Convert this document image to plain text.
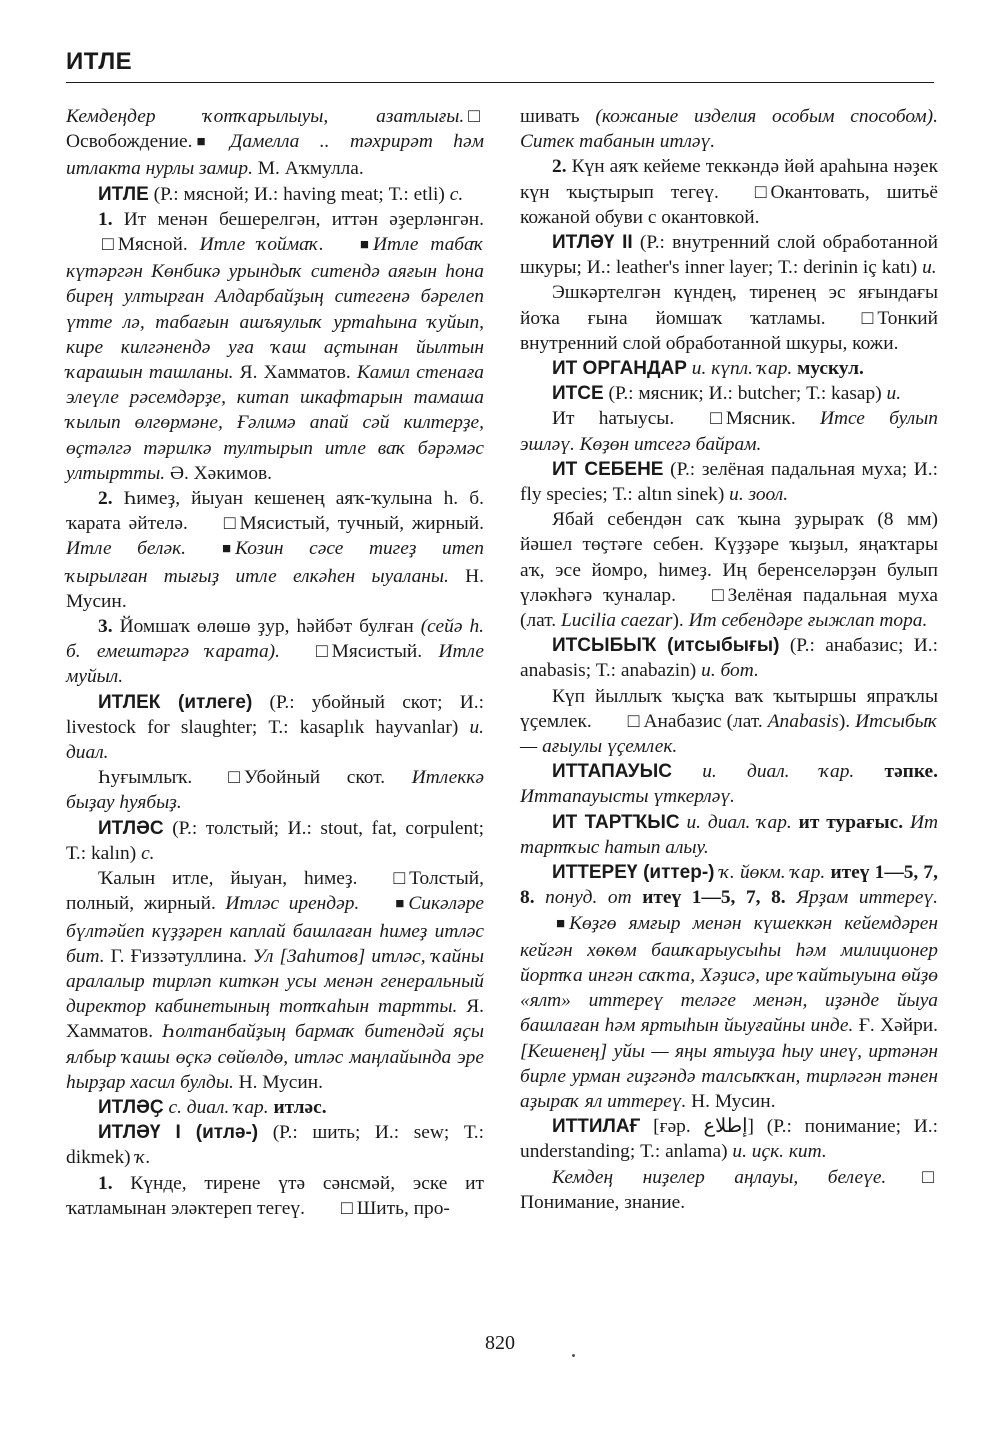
ИТЛЕ

Кемдеңдер ҡотҡарылыуы, азатлығы.□ Освобождение.■ Дамелла .. тәхрирәт һәм итлакта нурлы замир. М. Аҡмулла.

ИТЛЕ (Р.: мясной; И.: having meat; Т.: etli) с.

1. Ит менән бешерелгән, иттән әҙерләнгән.□Мясной. Итле ҡоймаҡ. ■	Итле табаҡ күтәргән Көнбикә урындыҡ ситендә аяғын һона бирең ултырған Алдарбайҙың ситегенә бәрелеп үтте лә, табағын ашъяулыҡ уртаһына ҡуйып, кире килгәнендә уға ҡаш аҫтынан йылтын ҡарашын ташланы. Я. Хамматов. Камил стенаға элеүле рәсемдәрҙе, китап шкафтарын тамаша ҡылып өлгөрмәне, Ғәлимә апай сәй килтерҙе, өҫтәлгә тәрилкә тултырып итле ваҡ бәрәмәс ултыртты. Ә. Хәкимов.

2. Һимеҙ, йыуан кешенең аяҡ-ҡулына һ. б. ҡарата әйтелә. □	Мясистый, тучный, жирный. Итле беләк. ■	Козин сәсе тигеҙ итеп ҡырылған тығыҙ итле елкәһен ыуаланы. Н. Мусин.

3. Йомшаҡ өлөшө ҙур, һәйбәт булған (сейә һ. б. емештәргә ҡарата). □	Мясистый. Итле муйыл.

ИТЛЕК (итлеге) (Р.: убойный скот; И.: livestock for slaughter; Т.: kasaplık hayvanlar) и. диал.

Һуғымлыҡ. □	Убойный скот. Итлеккә быҙау һуябыҙ.

ИТЛӘС (Р.: толстый; И.: stout, fat, corpulent; Т.: kalın) с.

Ҡалын итле, йыуан, һимеҙ. □	Толстый, полный, жирный. Итләс ирендәр. ■	Сикәләре бүлтәйеп күҙҙәрен каплай башлаған һимеҙ итләс бит. Г. Ғиззәтуллина. Ул [Заһитов] итләс, ҡайны аралалыр тирләп киткән усы менән генеральный директор кабинетының тотҡаһын тартты. Я. Хамматов. Һолтанбайҙың бармаҡ битендәй яҫы ялбыр ҡашы өҫкә сөйөлдө, итләс маңлайында эре һырҙар хасил булды. Н. Мусин.

ИТЛӘҪ с. диал. ҡар. итләс.

ИТЛӘҮ I (итлә-) (Р.: шить; И.: sew; Т.: dikmek) ҡ.

1. Күнде, тирене үтә сәнсмәй, эске ит ҡатламынан эләктереп тегеү. □	Шить, про-

шивать (кожаные изделия особым способом). Ситек табанын итләү.

2. Күн аяҡ кейеме теккәндә йөй араһына нәҙек күн ҡыҫтырып тегеү. □	Окантовать, шитьё кожаной обуви с окантовкой.

ИТЛӘҮ II (Р.: внутренний слой обработанной шкуры; И.: leather's inner layer; Т.: derinin iç katı) и.

Эшкәртелгән күндең, тиренең эс яғындағы йоҡа ғына йомшаҡ ҡатламы. □	Тонкий внутренний слой обработанной шкуры, кожи.

ИТ ОРГАНДАР и. күпл. ҡар. мускул.

ИТСЕ (Р.: мясник; И.: butcher; Т.: kasap) и.

Ит һатыусы. □	Мясник. Итсе булып эшләү. Көҙөн итсегә байрам.

ИТ СЕБЕНЕ (Р.: зелёная падальная муха; И.: fly species; Т.: altın sinek) и. зоол.

Ябай себендән саҡ ҡына ҙурыраҡ (8 мм) йәшел төҫтәге себен. Күҙҙәре ҡыҙыл, яңаҡтары аҡ, эсе йомро, һимеҙ. Иң беренселәрҙән булып үләкһәгә ҡуналар. □	Зелёная падальная муха (лат. Lucilia caezar). Ит себендәре ғыжлап тора.

ИТСЫБЫҠ (итсыбығы) (Р.: анабазис; И.: anabasis; Т.: anabazin) и. бот.

Күп йыллыҡ ҡыҫҡа ваҡ ҡытыршы япраҡлы үҫемлек. □	Анабазис (лат. Anabasis). Итсыбыҡ — ағыулы үҫемлек.

ИТТАПАУЫС и. диал. ҡар. тәпке. Иттапауысты үткерләү.

ИТ ТАРТҠЫС и. диал. ҡар. ит турағыс. Ит тартҡыс һатып алыу.

ИТТЕРЕҮ (иттер-) ҡ. йөкм. ҡар. итеү 1—5, 7, 8. понуд. от итеү 1—5, 7, 8. Ярҙам иттереү.■Көҙгө ямғыр менән күшеккән кейемдәрен кейгән хөкөм башҡарыусыһы һәм милиционер йортҡа ингән саҡта, Хәҙисә, ире ҡайтыуына өйҙө «ялт» иттереү теләге менән, иҙәнде йыуа башлаған һәм яртыһын йыуғайны инде. Ғ. Хәйри. [Кешенең] уйы — яңы ятыуҙа һыу инеү, иртәнән бирле урман гиҙгәндә талсыҡҡан, тирләгән тәнен аҙыраҡ ял иттереү. Н. Мусин.

ИТТИЛАҒ [ғәр. إطلاع] (Р.: понимание; И.: understanding; Т.: anlama) и. иҫк. кит.

Кемдең ниҙелер аңлауы, белеүе.□Понимание, знание.

820
